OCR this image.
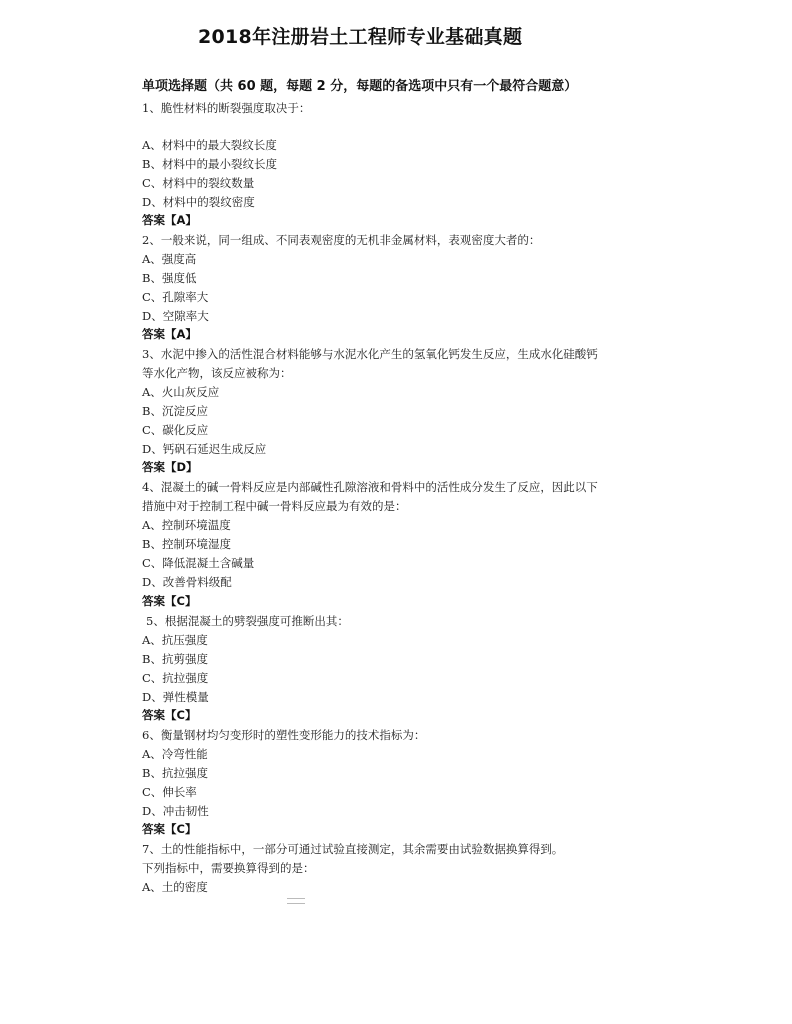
2018年注册岩土工程师专业基础真题
单项选择题（共 60 题，每题 2 分，每题的备选项中只有一个最符合题意）
1、脆性材料的断裂强度取决于：
A、材料中的最大裂纹长度
B、材料中的最小裂纹长度
C、材料中的裂纹数量
D、材料中的裂纹密度
答案【A】
2、一般来说，同一组成、不同表观密度的无机非金属材料，表观密度大者的：
A、强度高
B、强度低
C、孔隙率大
D、空隙率大
答案【A】
3、水泥中掺入的活性混合材料能够与水泥水化产生的氢氧化钙发生反应，生成水化硅酸钙
等水化产物，该反应被称为：
A、火山灰反应
B、沉淀反应
C、碳化反应
D、钙矾石延迟生成反应
答案【D】
4、混凝土的碱一骨料反应是内部碱性孔隙溶液和骨料中的活性成分发生了反应，因此以下
措施中对于控制工程中碱一骨料反应最为有效的是：
A、控制环境温度
B、控制环境湿度
C、降低混凝土含碱量
D、改善骨料级配
答案【C】
5、根据混凝土的劈裂强度可推断出其：
A、抗压强度
B、抗剪强度
C、抗拉强度
D、弹性模量
答案【C】
6、衡量钢材均匀变形时的塑性变形能力的技术指标为：
A、冷弯性能
B、抗拉强度
C、伸长率
D、冲击韧性
答案【C】
7、土的性能指标中，一部分可通过试验直接测定，其余需要由试验数据换算得到。
下列指标中，需要换算得到的是：
A、土的密度
